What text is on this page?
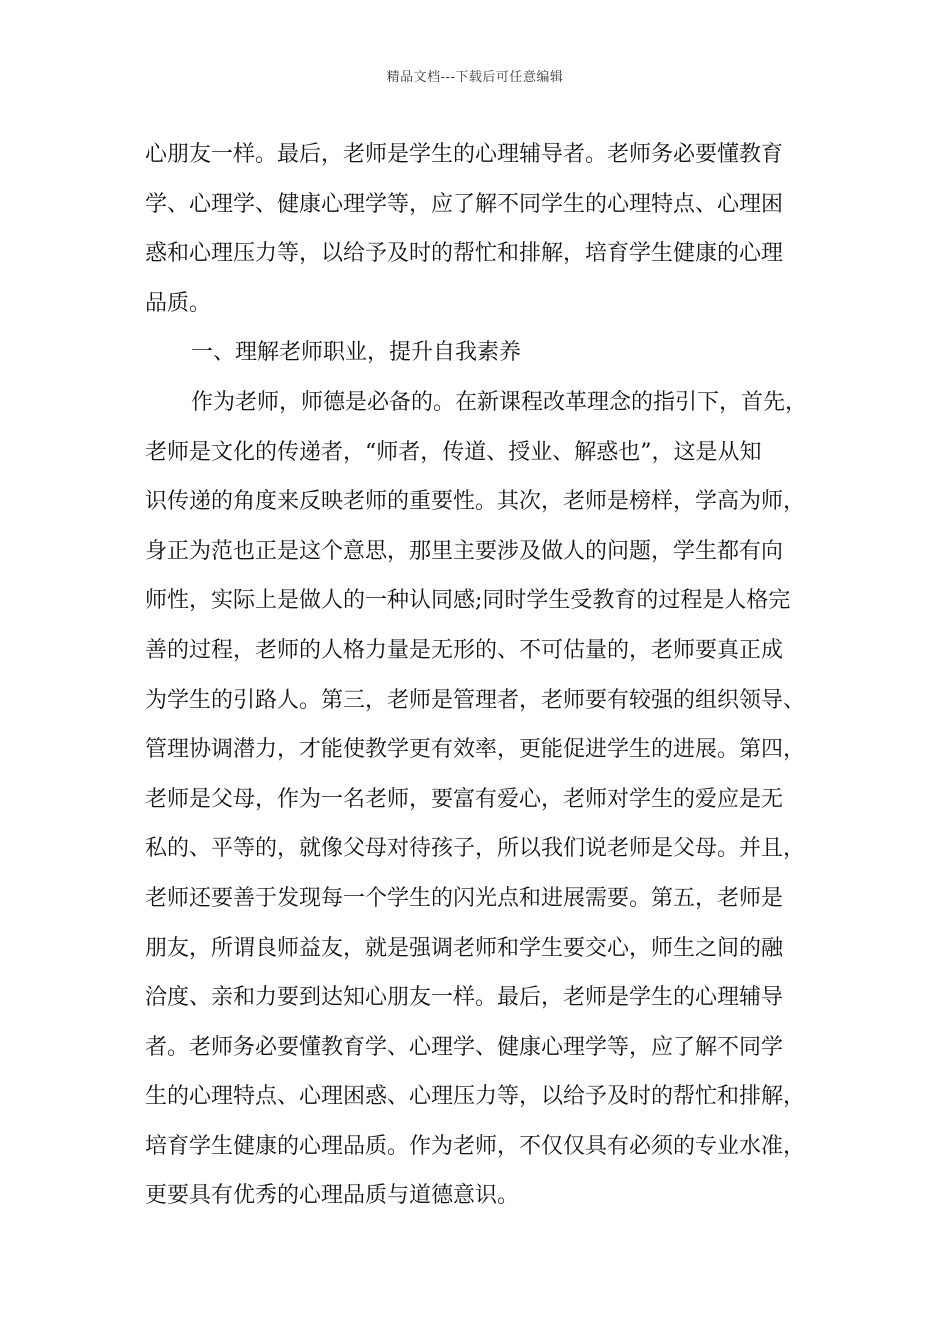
精品文档---下载后可任意编辑
心朋友一样。最后，老师是学生的心理辅导者。老师务必要懂教育
学、心理学、健康心理学等，应了解不同学生的心理特点、心理困
惑和心理压力等，以给予及时的帮忙和排解，培育学生健康的心理
品质。
一、理解老师职业，提升自我素养
作为老师，师德是必备的。在新课程改革理念的指引下，首先，
老师是文化的传递者，“师者，传道、授业、解惑也”，这是从知
识传递的角度来反映老师的重要性。其次，老师是榜样，学高为师，
身正为范也正是这个意思，那里主要涉及做人的问题，学生都有向
师性，实际上是做人的一种认同感;同时学生受教育的过程是人格完
善的过程，老师的人格力量是无形的、不可估量的，老师要真正成
为学生的引路人。第三，老师是管理者，老师要有较强的组织领导、
管理协调潜力，才能使教学更有效率，更能促进学生的进展。第四，
老师是父母，作为一名老师，要富有爱心，老师对学生的爱应是无
私的、平等的，就像父母对待孩子，所以我们说老师是父母。并且，
老师还要善于发现每一个学生的闪光点和进展需要。第五，老师是
朋友，所谓良师益友，就是强调老师和学生要交心，师生之间的融
洽度、亲和力要到达知心朋友一样。最后，老师是学生的心理辅导
者。老师务必要懂教育学、心理学、健康心理学等，应了解不同学
生的心理特点、心理困惑、心理压力等，以给予及时的帮忙和排解，
培育学生健康的心理品质。作为老师，不仅仅具有必须的专业水准，
更要具有优秀的心理品质与道德意识。
